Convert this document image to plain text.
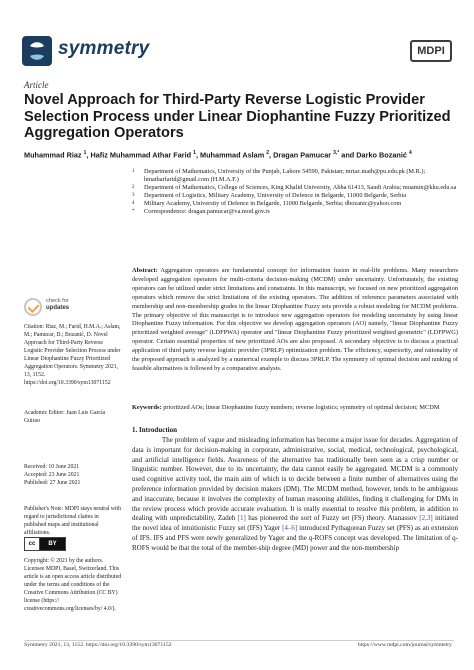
symmetry	MDPI
Article
Novel Approach for Third-Party Reverse Logistic Provider Selection Process under Linear Diophantine Fuzzy Prioritized Aggregation Operators
Muhammad Riaz $^1$, Hafiz Muhammad Athar Farid $^1$, Muhammad Aslam $^2$, Dragan Pamucar $^{3,*}$ and Darko Bozanić $^4$
1	Department of Mathematics, University of the Punjab, Lahore 54590, Pakistan; mriaz.math@pu.edu.pk (M.R.); hmatharfarid@gmail.com (H.M.A.F.)
2	Department of Mathematics, College of Sciences, King Khalid University, Abha 61413, Saudi Arabia; muamin@kku.edu.sa
3	Department of Logistics, Military Academy, University of Defence in Belgarde, 11000 Belgarde, Serbia
4	Military Academy, University of Defence in Belgarde, 11000 Belgarde, Serbia; dbozanic@yahoo.com
*	Correspondence: dragan.pamucar@va.mod.gov.rs
Abstract: Aggregation operators are fundamental concept for information fusion in real-life problems. Many researchers developed aggregation operators for multi-criteria decision-making (MCDM) under uncertainty. Unfortunately, the existing operators can be utilized under strict limitations and constraints. In this manuscript, we focused on new prioritized aggregation operators which remove the strict limitations of the existing operators. The addition of reference parameters associated with membership and non-membership grades in the linear Diophantine Fuzzy sets provide a robust modeling for MCDM problems. The primary objective of this manuscript is to introduce new aggregation operators for modeling uncertainty by using linear Diophantine Fuzzy information. For this objective we develop aggregation operators (AO) namely, "linear Diophantine Fuzzy prioritized weighted average" (LDFPWA) operator and "linear Diophantine Fuzzy prioritized weighted geometric" (LDFPWG) operator. Certain essential properties of new prioritized AOs are also proposed. A secondary objective is to discuss a practical application of third party reverse logistic provider (3PRLP) optimization problem. The efficiency, superiority, and rationality of the proposed approach is analyzed by a numerical example to discuss 3PRLP. The symmetry of optimal decision and ranking of feasible alternatives is followed by a comparative analysis.
Keywords: prioritized AOs; linear Diophantine fuzzy numbers; reverse logistics; symmetry of optimal decision; MCDM
check for
updates
Citation: Riaz, M.; Farid, H.M.A.; Aslam, M.; Pamucar, D.; Bozanić, D. Novel Approach for Third-Party Reverse Logistic Provider Selection Process under Linear Diophantine Fuzzy Prioritized Aggregation Operators. Symmetry 2021, 13, 1152. https://doi.org/10.3390/sym13071152
Academic Editor: Juan Luis García Guirao
Received: 10 June 2021
Accepted: 23 June 2021
Published: 27 June 2021
Publisher's Note: MDPI stays neutral with regard to jurisdictional claims in published maps and institutional affiliations.
cc	BY
Copyright: © 2021 by the authors. Licensee MDPI, Basel, Switzerland. This article is an open access article distributed under the terms and conditions of the Creative Commons Attribution (CC BY) license (https:// creativecommons.org/licenses/by/ 4.0/).
1. Introduction
The problem of vague and misleading information has become a major issue for decades. Aggregation of data is important for decision-making in corporate, administrative, social, medical, technological, psychological, and artificial intelligence fields. Awareness of the alternative has traditionally been seen as a crisp number or linguistic number. However, due to its uncertainty, the data cannot easily be aggregated. MCDM is a commonly used cognitive activity tool, the main aim of which is to decide between a finite number of alternatives using the preference information provided by decision makers (DM). The MCDM method, however, tends to be ambiguous and inaccurate, because it involves the complexity of human reasoning abilities, finding it challenging for DMs in the review process which provide accurate evaluation. It is really essential to resolve this problem, in addition to dealing with unpredictability, Zadeh [1] has pioneered the sort of Fuzzy set (FS) theory. Atanassov [2,3] initiated the novel idea of intuitionistic Fuzzy set (IFS) Yager [4–6] introduced Pythagorean Fuzzy set (PFS) as an extension of IFS. IFS and PFS were newly generalized by Yager and the q-ROFS concept was developed. The limitation of q-ROFS would be that the total of the member-ship degree (MD) power and the non-membership
Symmetry 2021, 13, 1152. https://doi.org/10.3390/sym13071152	https://www.mdpi.com/journal/symmetry
